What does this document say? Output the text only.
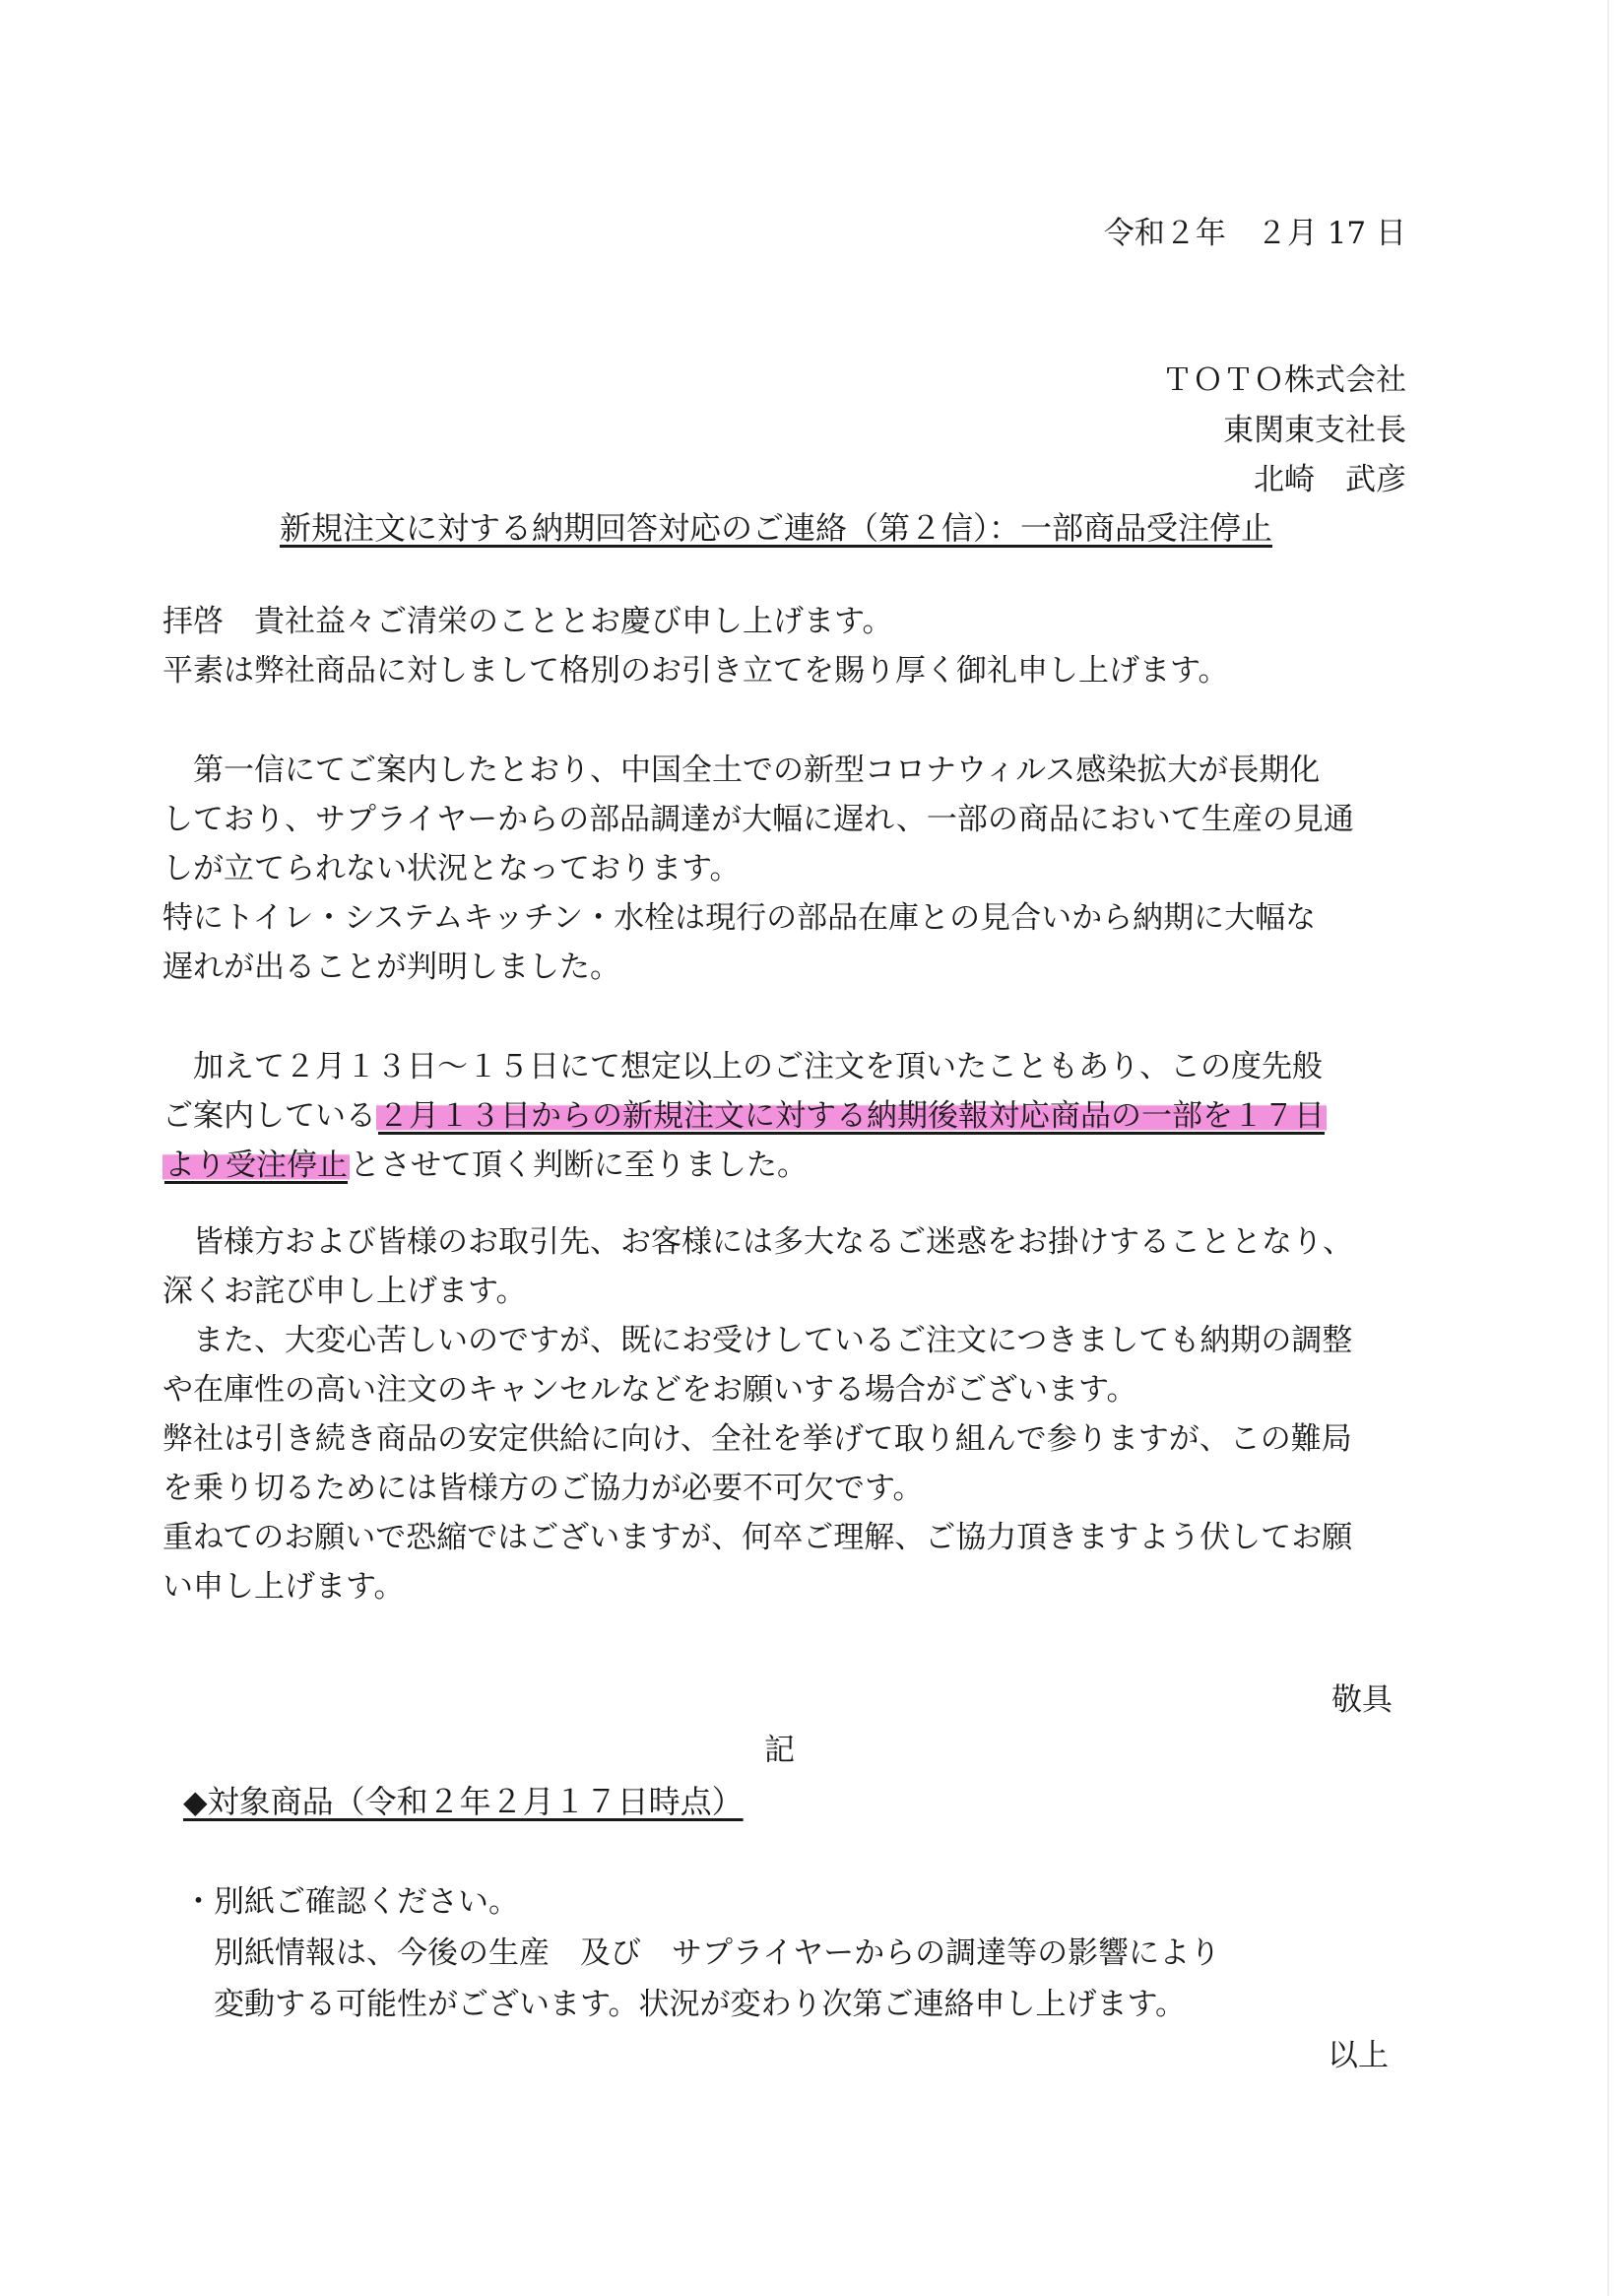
令和２年　２月 17 日
ＴＯＴＯ株式会社
東関東支社長
北崎　武彦
新規注文に対する納期回答対応のご連絡（第２信）：一部商品受注停止
拝啓　貴社益々ご清栄のこととお慶び申し上げます。
平素は弊社商品に対しまして格別のお引き立てを賜り厚く御礼申し上げます。
第一信にてご案内したとおり、中国全土での新型コロナウィルス感染拡大が長期化
しており、サプライヤーからの部品調達が大幅に遅れ、一部の商品において生産の見通
しが立てられない状況となっております。
特にトイレ・システムキッチン・水栓は現行の部品在庫との見合いから納期に大幅な
遅れが出ることが判明しました。
加えて２月１３日～１５日にて想定以上のご注文を頂いたこともあり、この度先般
ご案内している２月１３日からの新規注文に対する納期後報対応商品の一部を１７日
より受注停止とさせて頂く判断に至りました。
皆様方および皆様のお取引先、お客様には多大なるご迷惑をお掛けすることとなり、
深くお詫び申し上げます。
また、大変心苦しいのですが、既にお受けしているご注文につきましても納期の調整
や在庫性の高い注文のキャンセルなどをお願いする場合がございます。
弊社は引き続き商品の安定供給に向け、全社を挙げて取り組んで参りますが、この難局
を乗り切るためには皆様方のご協力が必要不可欠です。
重ねてのお願いで恐縮ではございますが、何卒ご理解、ご協力頂きますよう伏してお願
い申し上げます。
敬具
記
◆対象商品（令和２年２月１７日時点）
・別紙ご確認ください。
別紙情報は、今後の生産　及び　サプライヤーからの調達等の影響により
変動する可能性がございます。状況が変わり次第ご連絡申し上げます。
以上
